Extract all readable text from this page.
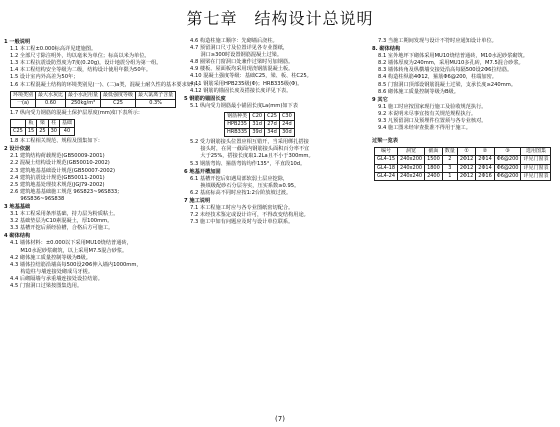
第七章　结构设计总说明
1 一般说明
1.1 本工程±0.000标高详见建施图。
1.2 全部尺寸除注明外，均以毫米为单位；标高以米为单位。
1.3 本工程抗震设防烈度为7度(0.20g)，设计地震分组为第一组。
1.4 本工程结构安全等级为二级，结构设计使用年限为50年。
1.5 设计室内外高差为50年；
1.6 本工程混凝土结构的环境类别见(一)、(二)a类，混凝土耐久性的基本要求如下：
环境类别	最大水灰比	最小水泥用量	最低强度等级	最大氯离子含量
一(a)	0.60	250kg/m³	C25	0.3%
1.7 纵向受力钢筋的混凝土保护层厚度(mm)如下表所示：
	板	梁	柱	基础
C25	15	25	30	40
1.8 本工程相关规范、规程及图集如下：
2 设计依据
2.1 建筑结构荷载规范(GB50009-2001)
2.2 混凝土结构设计规范(GB50010-2002)
2.3 建筑地基基础设计规范(GB50007-2002)
2.4 建筑抗震设计规范(GB50011-2001)
2.5 建筑地基处理技术规范(JGJ79-2002)
2.6 建筑地基基础施工规范 96S823~96S833;
　　96S836~96S838
3 地基基础
3.1 本工程采用条形基础，持力层为粉质粘土。
3.2 基础垫层为C10素混凝土，厚100mm。
3.3 基槽开挖后须经验槽，合格后方可施工。
4 砌体结构
4.1 墙体材料：±0.000以下采用MU10烧结普通砖，
　　M10水泥砂浆砌筑，以上采用M7.5混合砂浆。
4.2 砌体施工质量控制等级为B级。
4.3 墙体拉结筋沿墙高每500设2Φ6伸入墙内1000mm，
　　构造柱与墙连接处砌成马牙槎。
4.4 后砌隔墙与承重墙连接处设拉结筋。
4.5 门窗洞口过梁按图集选用。
4.6 构造柱施工顺序：先砌墙后浇柱。
4.7 预留洞口尺寸及位置详见各专业图纸，
　　洞口≥300时设置钢筋混凝土过梁。
4.8 圈梁在门窗洞口处兼作过梁时另加钢筋。
4.9 楼板、屋面板均采用现浇钢筋混凝土板。
4.10 混凝土强度等级：基础C25，梁、板、柱C25。
4.11 钢筋采用HPB235级(Φ)；HRB335级(Φ)。
4.12 钢筋的锚固长度及搭接长度详见下表。
5 钢筋的锚固长度
5.1 纵向受力钢筋最小锚固长度La(mm)如下表
钢筋种类	C20	C25	C30
HPB235	31d	27d	24d
HRB335	39d	34d	30d
5.2 受力钢筋接头位置应相互错开，当采用绑扎搭接
　　接头时，在同一截面内钢筋接头面积百分率不宜
　　大于25%，搭接长度取1.2La且不小于300mm。
5.3 钢筋弯钩、箍筋弯钩均作135°，平直段10d。
6 地基开槽加固
6.1 基槽开挖后如遇局部软弱土层应挖除，
　　换填级配砂石分层夯实，压实系数≥0.95。
6.2 基底标高不同时应按1:2台阶放坡过渡。
7 施工说明
7.1 本工程施工时应与各专业图纸密切配合。
7.2 未经技术鉴定或设计许可，不得改变结构用途。
7.3 施工中如有问题应及时与设计单位联系。
7.3 当施工期间发现与设计不符时应通知设计单位。
8. 砌体结构
8.1 室外地坪下砌体采用MU10烧结普通砖，M10水泥砂浆砌筑。
8.2 墙体厚度为240mm，采用MU10多孔砖，M7.5混合砂浆。
8.3 墙体转角及纵横墙交接处沿高每隔500设2Φ6拉结筋。
8.4 构造柱纵筋4Φ12，箍筋Φ6@200，柱端加密。
8.5 门窗洞口顶部设钢筋混凝土过梁，支承长度≥240mm。
8.6 砌体施工质量控制等级为B级。
9 其它
9.1 施工时应按国家现行施工及验收规范执行。
9.2 本说明未尽事宜按有关规范规程执行。
9.3 凡预留洞口及预埋件位置须与各专业核对。
9.4 施工图未经审查批准不得用于施工。
过梁一览表
编号	洞宽	截面	数量	①	②	③	选用图集
GL4-15	240x200	1500	2	2Φ12	2Φ14	Φ6@200	详见门窗表
GL4-18	240x200	1800	3	2Φ12	2Φ14	Φ6@200	详见门窗表
GL4-24	240x240	2400	1	2Φ12	2Φ16	Φ6@200	详见门窗表
(7)
